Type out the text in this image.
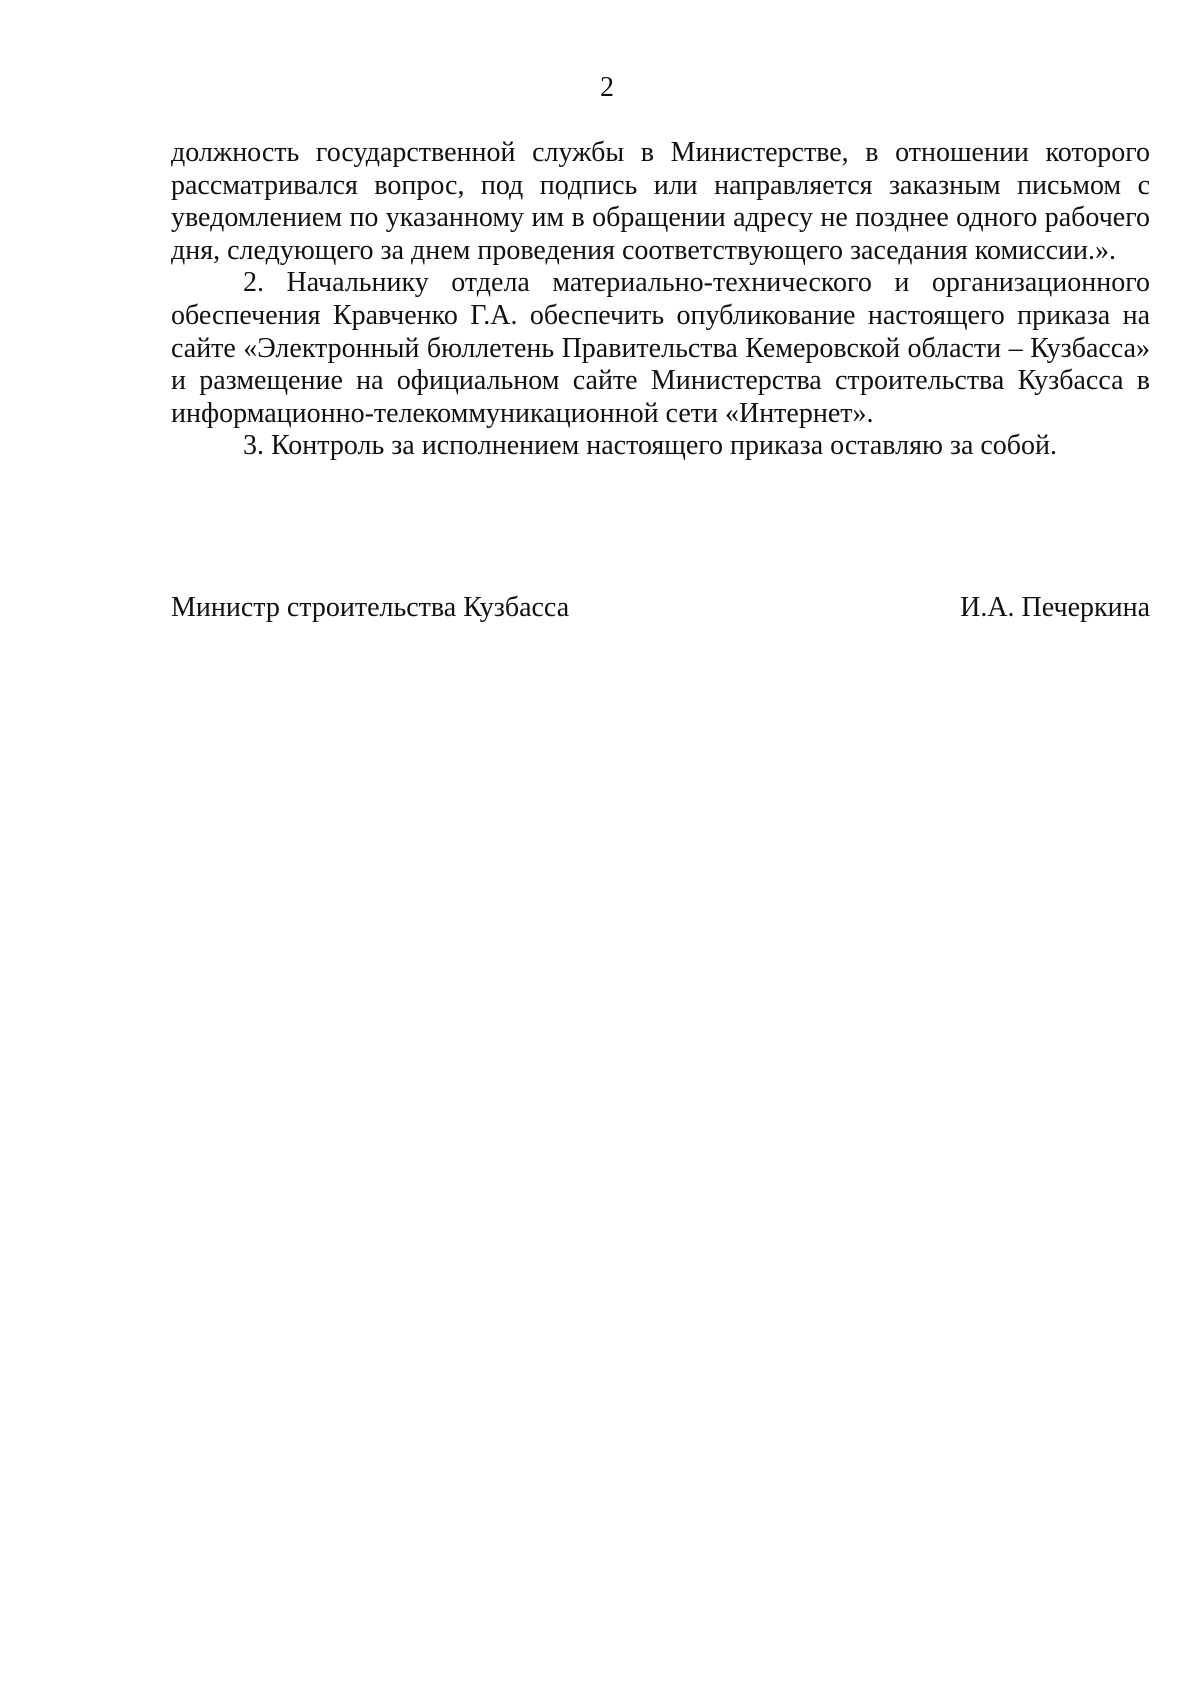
2

должность государственной службы в Министерстве, в отношении которого рассматривался вопрос, под подпись или направляется заказным письмом с уведомлением по указанному им в обращении адресу не позднее одного рабочего дня, следующего за днем проведения соответствующего заседания комиссии.».

2. Начальнику отдела материально-технического и организационного обеспечения Кравченко Г.А. обеспечить опубликование настоящего приказа на сайте «Электронный бюллетень Правительства Кемеровской области – Кузбасса» и размещение на официальном сайте Министерства строительства Кузбасса в информационно-телекоммуникационной сети «Интернет».

3. Контроль за исполнением настоящего приказа оставляю за собой.

Министр строительства Кузбасса	И.А. Печеркина
